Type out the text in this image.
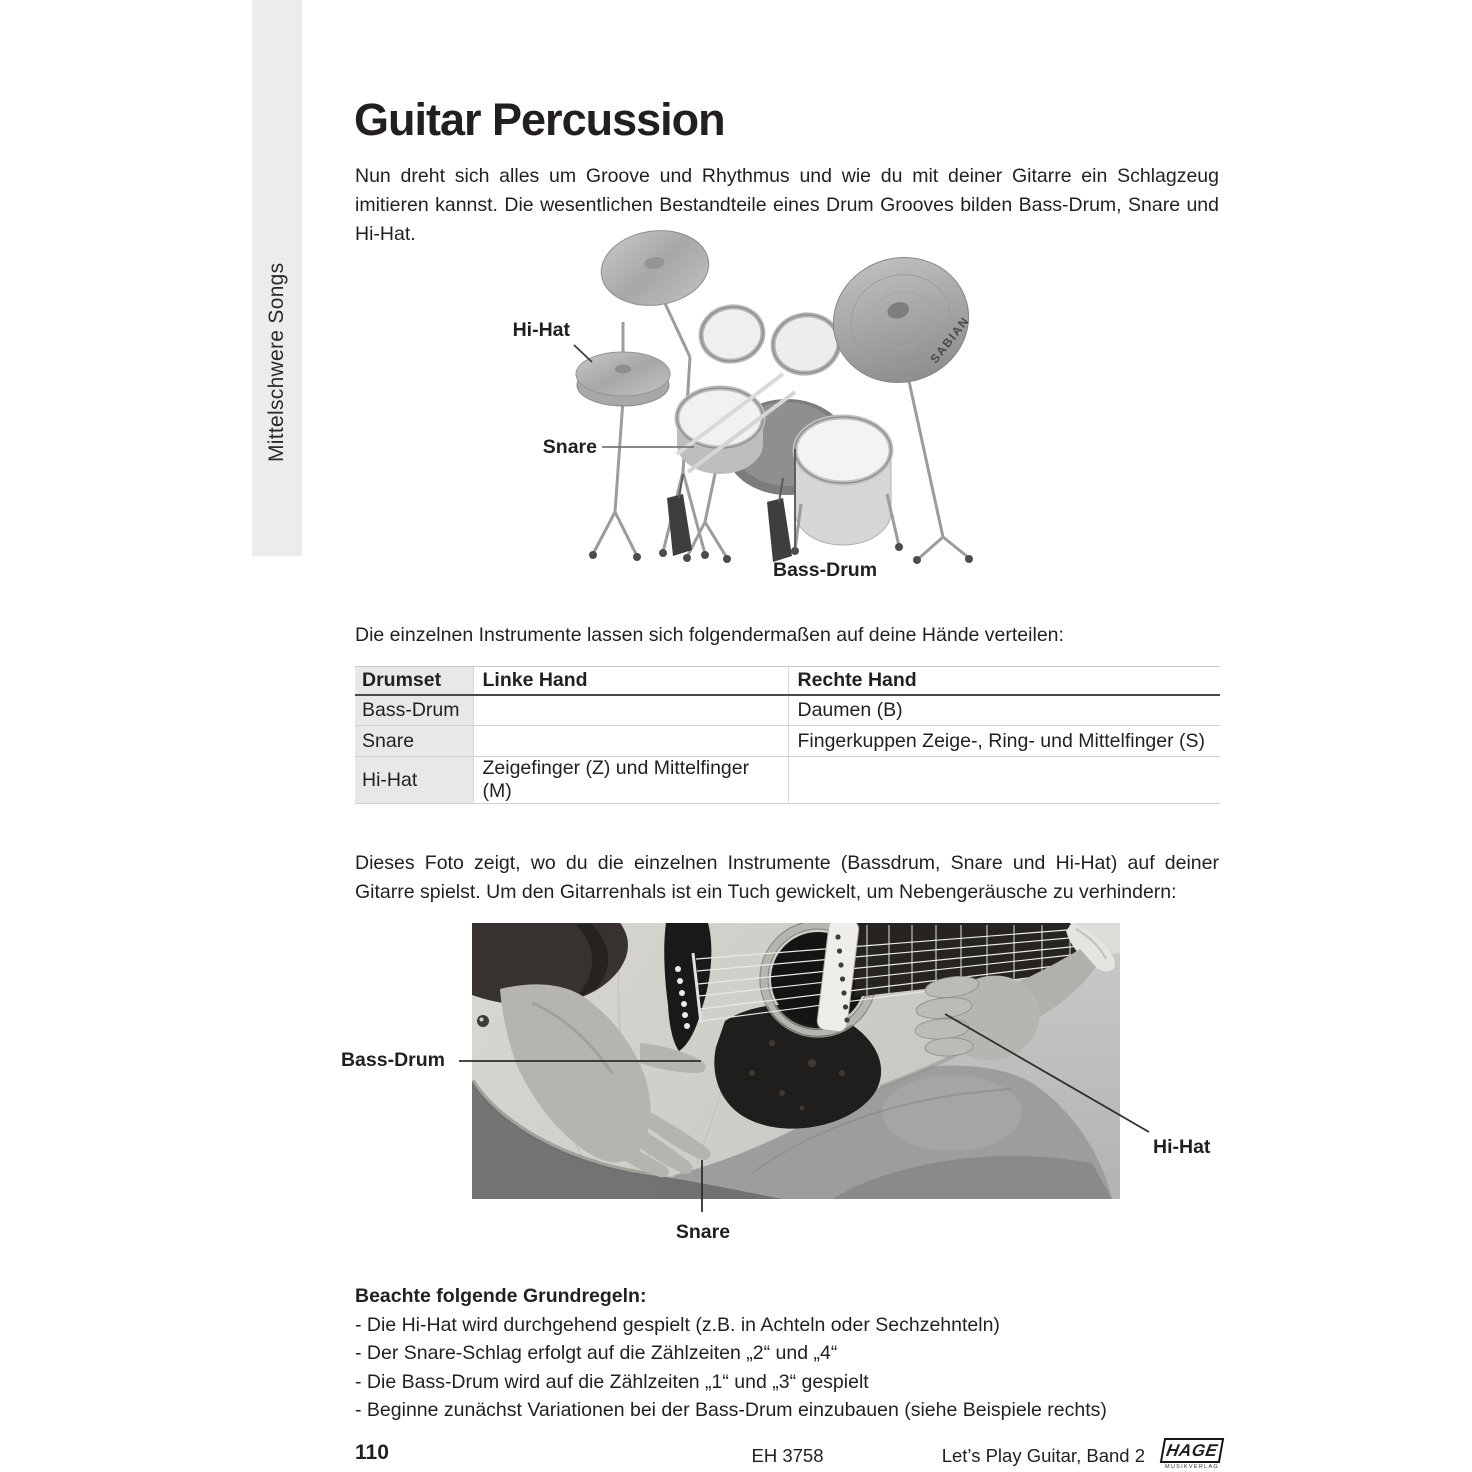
Mittelschwere Songs
Guitar Percussion

Nun dreht sich alles um Groove und Rhythmus und wie du mit deiner Gitarre ein Schlagzeug imitieren kannst. Die wesentlichen Bestandteile eines Drum Grooves bilden Bass-Drum, Snare und Hi-Hat.

SABIAN
Hi-Hat
Snare
Bass-Drum
Die einzelnen Instrumente lassen sich folgendermaßen auf deine Hände verteilen:
Drumset	Linke Hand	Rechte Hand
Bass-Drum		Daumen (B)
Snare		Fingerkuppen Zeige-, Ring- und Mittelfinger (S)
Hi-Hat	Zeigefinger (Z) und Mittelfinger (M)	

Dieses Foto zeigt, wo du die einzelnen Instrumente (Bassdrum, Snare und Hi-Hat) auf deiner Gitarre spielst. Um den Gitarrenhals ist ein Tuch gewickelt, um Nebengeräusche zu verhindern:

Bass-Drum
Hi-Hat
Snare
Beachte folgende Grundregeln:
- Die Hi-Hat wird durchgehend gespielt (z.B. in Achteln oder Sechzehnteln)
- Der Snare-Schlag erfolgt auf die Zählzeiten „2“ und „4“
- Die Bass-Drum wird auf die Zählzeiten „1“ und „3“ gespielt
- Beginne zunächst Variationen bei der Bass-Drum einzubauen (siehe Beispiele rechts)
110	EH 3758	Let’s Play Guitar, Band 2 HAGE
MUSIKVERLAG
